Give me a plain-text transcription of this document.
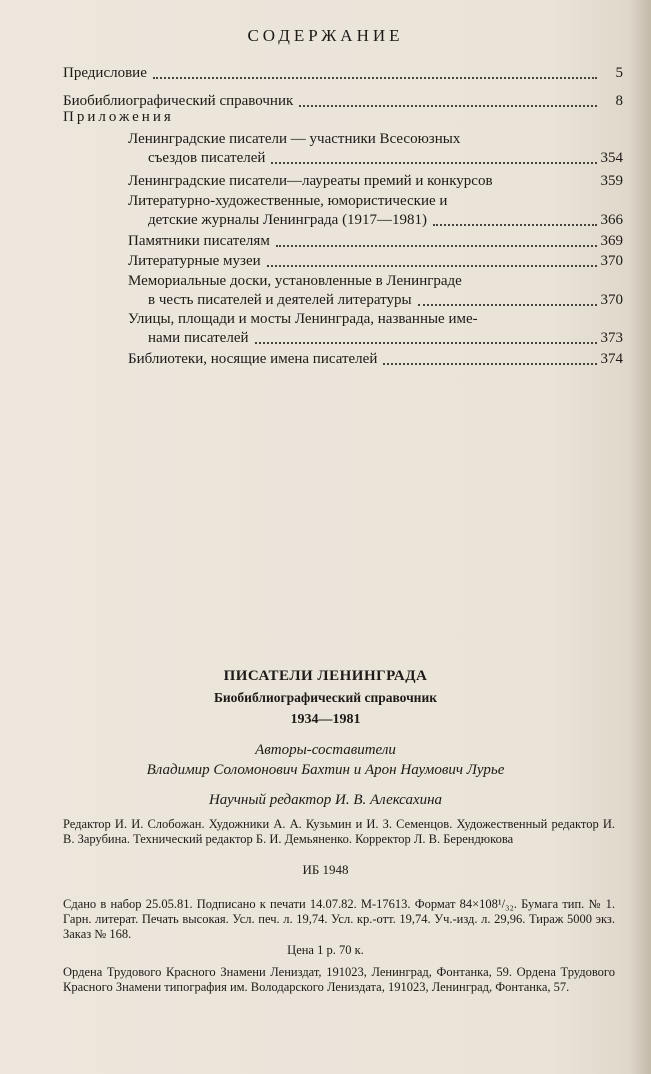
СОДЕРЖАНИЕ
Предисловие	5
Биобиблиографический справочник	8
Приложения
Ленинградские писатели — участники Всесоюзных
съездов писателей	354
Ленинградские писатели—лауреаты премий и конкурсов	359
Литературно-художественные, юмористические и
детские журналы Ленинграда (1917—1981)	366
Памятники писателям	369
Литературные музеи	370
Мемориальные доски, установленные в Ленинграде
в честь писателей и деятелей литературы	370
Улицы, площади и мосты Ленинграда, названные име-
нами писателей	373
Библиотеки, носящие имена писателей	374
ПИСАТЕЛИ ЛЕНИНГРАДА
Биобиблиографический справочник
1934—1981
Авторы-составители
Владимир Соломонович Бахтин и Арон Наумович Лурье
Научный редактор И. В. Алексахина
Редактор И. И. Слобожан. Художники А. А. Кузьмин и И. З. Семенцов. Художественный редактор И. В. Зарубина. Технический редактор Б. И. Демьяненко. Корректор Л. В. Берендюкова
ИБ 1948
Сдано в набор 25.05.81. Подписано к печати 14.07.82. М-17613. Формат 84×108¹/₃₂. Бумага тип. № 1. Гарн. литерат. Печать высокая. Усл. печ. л. 19,74. Усл. кр.-отт. 19,74. Уч.-изд. л. 29,96. Тираж 5000 экз. Заказ № 168.
Цена 1 р. 70 к.
Ордена Трудового Красного Знамени Лениздат, 191023, Ленинград, Фонтанка, 59. Ордена Трудового Красного Знамени типография им. Володарского Лениздата, 191023, Ленинград, Фонтанка, 57.
